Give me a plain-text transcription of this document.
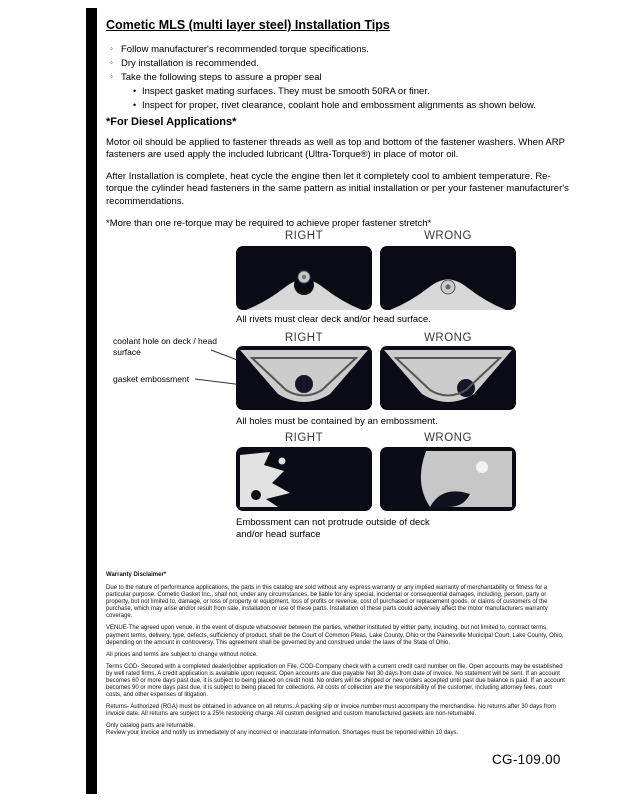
Cometic MLS (multi layer steel) Installation Tips
◦ Follow manufacturer's recommended torque specifications.
◦ Dry installation is recommended.
◦ Take the following steps to assure a proper seal
• Inspect gasket mating surfaces. They must be smooth 50RA or finer.
• Inspect for proper, rivet clearance, coolant hole and embossment alignments as shown below.
*For Diesel Applications*

Motor oil should be applied to fastener threads as well as top and bottom of the fastener washers. When ARP fasteners are used apply the included lubricant (Ultra-Torque®) in place of motor oil.

After Installation is complete, heat cycle the engine then let it completely cool to ambient temperature. Re-torque the cylinder head fasteners in the same pattern as initial installation or per your fastener manufacturer's recommendations.

*More than one re-torque may be required to achieve proper fastener stretch*

RIGHT	WRONG
All rivets must clear deck and/or head surface.
RIGHT	WRONG
coolant hole on deck / head surface
gasket embossment
All holes must be contained by an embossment.
RIGHT	WRONG
Embossment can not protrude outside of deck and/or head surface
Warranty Disclaimer*

Due to the nature of performance applications, the parts in this catalog are sold without any express warranty or any implied warranty of merchantability or fitness for a particular purpose. Cometic Gasket Inc., shall not, under any circumstances, be liable for any special, incidental or consequential damages, including, person, party or property, but not limited to, damage, or loss of property or equipment, loss of profits or revenue, cost of purchased or replacement goods, or claims of customers of the purchase, which may arise and/or result from sale, installation or use of these parts. Installation of these parts could adversely affect the motor manufacturers warranty coverage.

VENUE-The agreed upon venue, in the event of dispute whatsoever between the parties, whether instituted by either party, including, but not limited to, contract terms, payment terms, delivery, type, defects, sufficiency of product, shall be the Court of Common Pleas, Lake County, Ohio or the Painesville Municipal Court, Lake County, Ohio, depending on the amount in controversy. This agreement shall be governed by and construed under the laws of the State of Ohio.

All prices and terms are subject to change without notice.

Terms COD- Secured with a completed dealer/jobber application on File, COD-Company check with a current credit card number on file. Open accounts may be established by well rated firms. A credit application is available upon request. Open accounts are due payable Net 30 days from date of invoice. No statement will be sent. If an account becomes 60 or more days past due, it is subject to being placed on credit hold. No orders will be shipped or new orders accepted until past due balance is paid. If an account becomes 90 or more days past due, it is subject to being placed for collections. All costs of collection are the responsibility of the customer, including attorney fees, court costs, and other expenses of litigation.

Returns- Authorized (RGA) must be obtained in advance on all returns. A packing slip or invoice number must accompany the merchandise. No returns after 30 days from invoice date. All returns are subject to a 25% restocking charge. All custom designed and custom manufactured gaskets are non-returnable.

Only catalog parts are returnable.

Review your invoice and notify us immediately of any incorrect or inaccurate information. Shortages must be reported within 10 days.

CG-109.00
